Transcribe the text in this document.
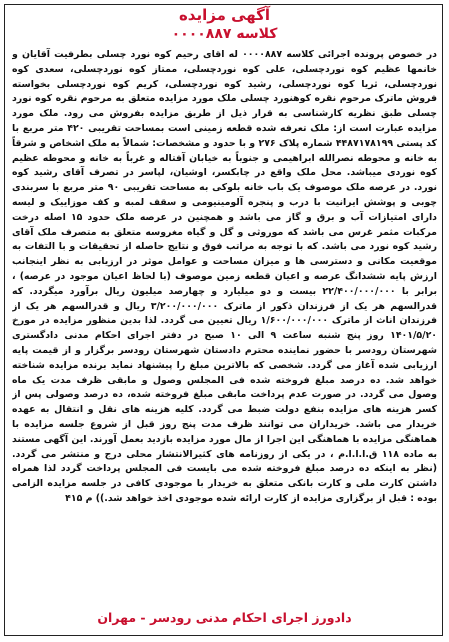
آگهی مزایده
کلاسه ۰۰۰۰۸۸۷
در خصوص پرونده اجرائی کلاسه ۰۰۰۰۸۸۷ له اقای رحیم کوه نورد چسلی بطرفیت آقایان و خانمها عظیم کوه نوردچسلی، علی کوه نوردچسلی، ممتاز کوه نوردچسلی، سعدی کوه نوردچسلی، ثریا کوه نوردچسلی، رشید کوه نوردچسلی، کریم کوه نوردچسلی بخواسته فروش ماترک مرحوم نقره کوهنورد چسلی ملک مورد مزایده متعلق به مرحوم نقره کوه نورد چسلی طبق نظریه کارشناسی به قرار ذیل از طریق مزایده بفروش می رود. ملک مورد مزایده عبارت است از: ملک تعرفه شده قطعه زمینی است بمساحت تقریبی ۴۲۰ متر مربع با کد پستی ۴۴۸۷۱۷۸۱۹۹ شماره پلاک ۲۷۶ و با حدود و مشخصات: شمالاً به ملک اشخاص و شرقاً به خانه و محوطه نصرالله ابراهیمی و جنوباً به خیابان آفتاله و غرباً به خانه و محوطه عظیم کوه نوردی میباشد. محل ملک واقع در چابکسر، اوشیان، لپاسر در تصرف آقای رشید کوه نورد. در عرصه ملک موصوف یک باب خانه بلوکی به مساحت تقریبی ۹۰ متر مربع با سربندی چوبی و پوشش ایرانیت با درب و پنجره آلومینیومی و سقف لمبه و کف موزاییک و لیسه دارای امتیازات آب و برق و گاز می باشد و همچنین در عرصه ملک حدود ۱۵ اصله درخت مرکبات مثمر غرس می باشد که موروثی و گل و گیاه مغروسه متعلق به متصرف ملک آقای رشید کوه نورد می باشد. که با توجه به مراتب فوق و نتایج حاصله از تحقیقات و با التفات به موقعیت مکانی و دسترسی ها و میزان مساحت و عوامل موثر در ارزیابی به نظر اینجانب ارزش پایه ششدانگ عرصه و اعیان قطعه زمین موصوف (با لحاظ اعیان موجود در عرصه) ، برابر با ۲۲/۴۰۰/۰۰۰/۰۰۰ بیست و دو میلیارد و چهارصد میلیون ریال برآورد میگردد. که قدرالسهم هر یک از فرزندان ذکور از ماترک ۳/۲۰۰/۰۰۰/۰۰۰ ریال و قدرالسهم هر یک از فرزندان اناث از ماترک ۱/۶۰۰/۰۰۰/۰۰۰ ریال تعیین می گردد. لذا بدین منظور مزایده در مورخ ۱۴۰۱/۵/۲۰ روز پنج شنبه ساعت ۹ الی ۱۰ صبح در دفتر اجرای احکام مدنی دادگستری شهرستان رودسر با حضور نماینده محترم دادستان شهرستان رودسر برگزار و از قیمت پایه ارزیابی شده آغاز می گردد. شخصی که بالاترین مبلغ را پیشنهاد نماید برنده مزایده شناخته خواهد شد. ده درصد مبلغ فروخته شده فی المجلس وصول و مابقی ظرف مدت یک ماه وصول می گردد. در صورت عدم پرداخت مابقی مبلغ فروخته شده، ده درصد وصولی پس از کسر هزینه های مزایده بنفع دولت ضبط می گردد. کلیه هزینه های نقل و انتقال به عهده خریدار می باشد. خریداران می توانند ظرف مدت پنج روز قبل از شروع جلسه مزایده با هماهنگی مزایده با هماهنگی این اجرا از مال مورد مزایده بازدید بعمل آورند. این آگهی مستند به ماده ۱۱۸ ق.ا.ا.ا.م ، در یکی از روزنامه های کثیرالانتشار محلی درج و منتشر می گردد.(نظر به اینکه ده درصد مبلغ فروخته شده می بایست فی المجلس پرداخت گردد لذا همراه داشتن کارت ملی و کارت بانکی متعلق به خریدار با موجودی کافی در جلسه مزایده الزامی بوده : قبل از برگزاری مزایده از کارت ارائه شده موجودی اخذ خواهد شد.)) م ۴۱۵
دادورز اجرای احکام مدنی رودسر - مهران
